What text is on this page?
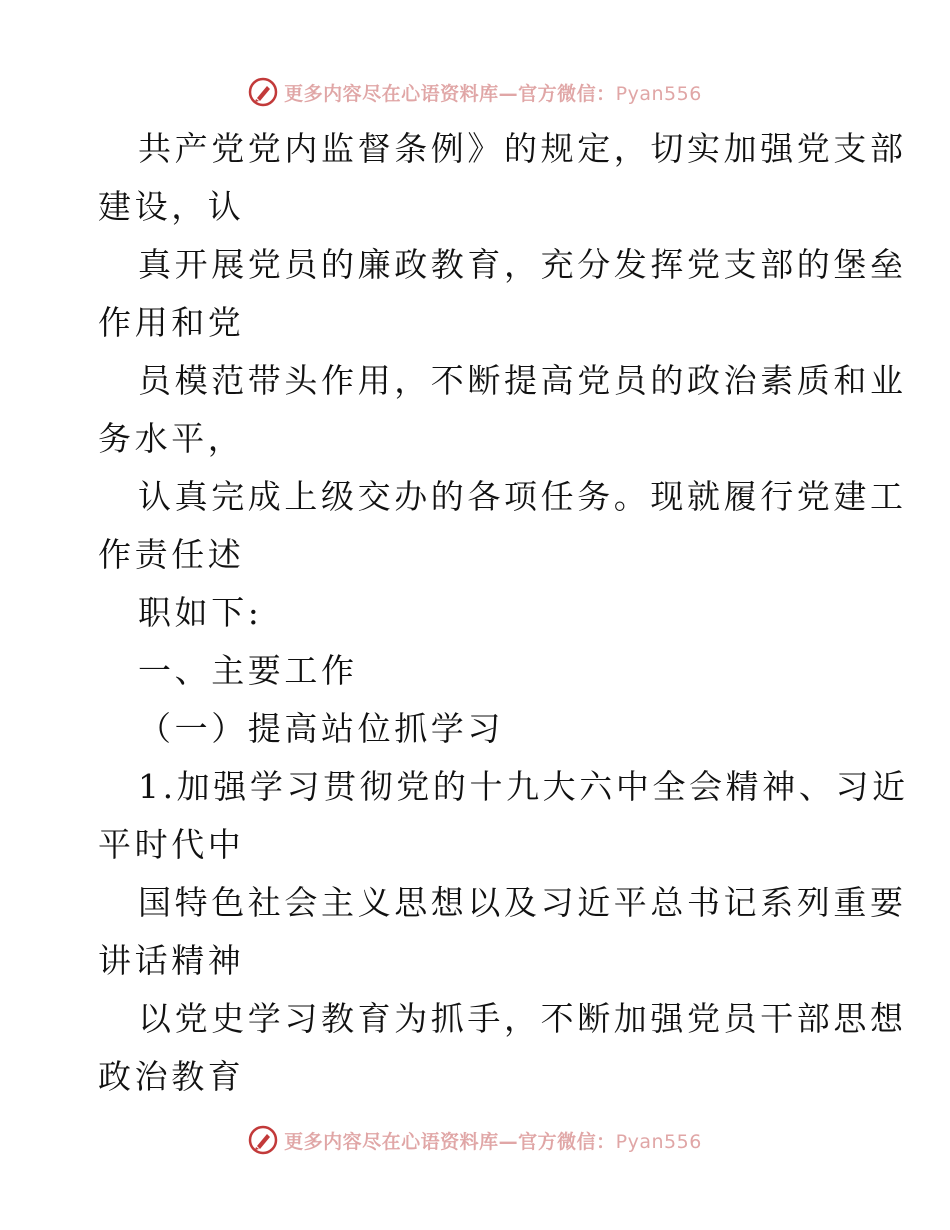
更多内容尽在心语资料库—官方微信：Pyan556
共产党党内监督条例》的规定，切实加强党支部
建设，认
真开展党员的廉政教育，充分发挥党支部的堡垒
作用和党
员模范带头作用，不断提高党员的政治素质和业
务水平，
认真完成上级交办的各项任务。现就履行党建工
作责任述
职如下:
一、主要工作
（一）提高站位抓学习
1.加强学习贯彻党的十九大六中全会精神、习近
平时代中
国特色社会主义思想以及习近平总书记系列重要
讲话精神
以党史学习教育为抓手，不断加强党员干部思想
政治教育
更多内容尽在心语资料库—官方微信：Pyan556
